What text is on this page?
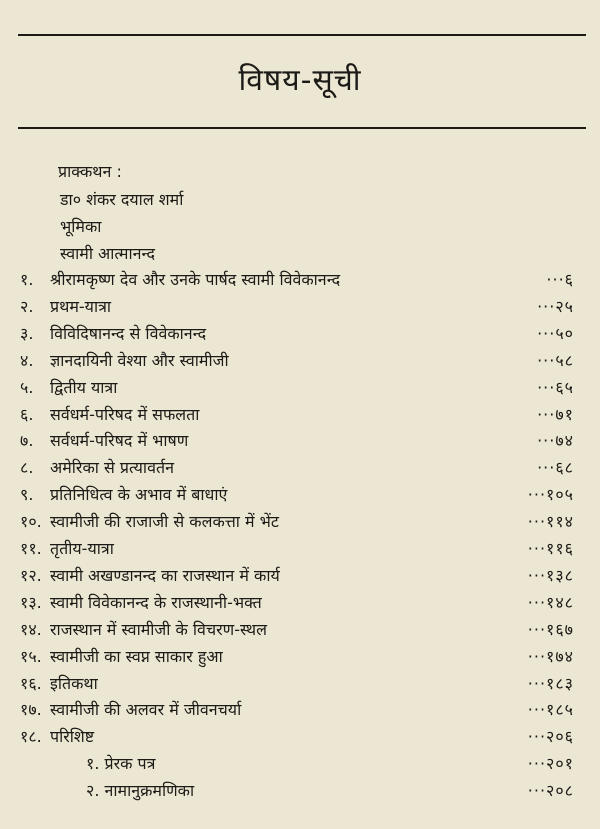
विषय-सूची
प्राक्कथन :
डा० शंकर दयाल शर्मा
भूमिका
स्वामी आत्मानन्द
१. श्रीरामकृष्ण देव और उनके पार्षद स्वामी विवेकानन्द	···६
२. प्रथम-यात्रा	···२५
३. विविदिषानन्द से विवेकानन्द	···५०
४. ज्ञानदायिनी वेश्या और स्वामीजी	···५८
५. द्वितीय यात्रा	···६५
६. सर्वधर्म-परिषद में सफलता	···७१
७. सर्वधर्म-परिषद में भाषण	···७४
८. अमेरिका से प्रत्यावर्तन	···६८
९. प्रतिनिधित्व के अभाव में बाधाएं	···१०५
१०. स्वामीजी की राजाजी से कलकत्ता में भेंट	···११४
११. तृतीय-यात्रा	···११६
१२. स्वामी अखण्डानन्द का राजस्थान में कार्य	···१३८
१३. स्वामी विवेकानन्द के राजस्थानी-भक्त	···१४८
१४. राजस्थान में स्वामीजी के विचरण-स्थल	···१६७
१५. स्वामीजी का स्वप्न साकार हुआ	···१७४
१६. इतिकथा	···१८३
१७. स्वामीजी की अलवर में जीवनचर्या	···१८५
१८. परिशिष्ट	···२०६
१. प्रेरक पत्र	···२०१
२. नामानुक्रमणिका	···२०८
